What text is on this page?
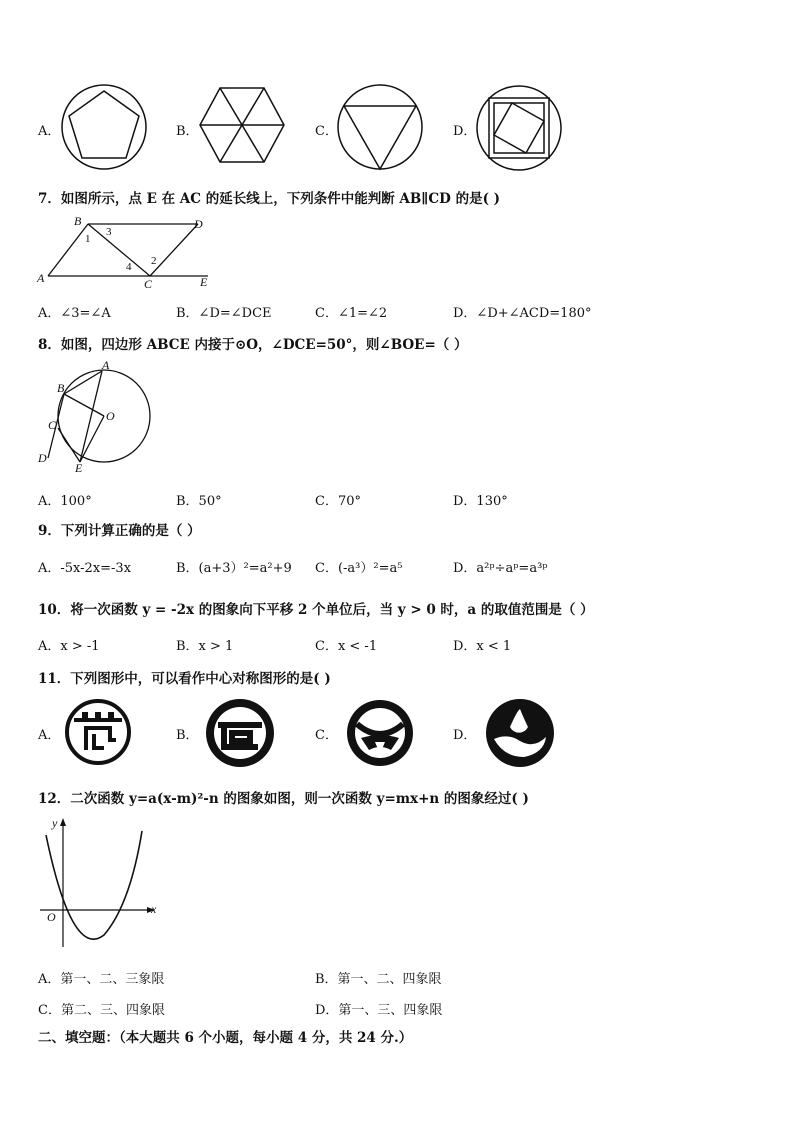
A．	B．	C．	D．
7．如图所示，点 E 在 AC 的延长线上，下列条件中能判断 AB∥CD 的是( )
B	D
A	C	E
1
3
4 2
A．∠3=∠A	B．∠D=∠DCE	C．∠1=∠2	D．∠D+∠ACD=180°
8．如图，四边形 ABCE 内接于⊙O，∠DCE=50°，则∠BOE=（ ）
A
B
C
D
E
O
A．100°	B．50°	C．70°	D．130°
9．下列计算正确的是（ ）
A．-5x-2x=-3x	B．(a+3）²=a²+9 C．(-a³）²=a⁵	D．a²ᵖ÷aᵖ=a³ᵖ
10．将一次函数 y = -2x 的图象向下平移 2 个单位后，当 y > 0 时，a 的取值范围是（ ）
A．x > -1	B．x > 1	C．x < -1	D．x < 1
11．下列图形中，可以看作中心对称图形的是( )
A．	B．	C．	D．
12．二次函数 y=a(x-m)²-n 的图象如图，则一次函数 y=mx+n 的图象经过( )
y
x
O
A．第一、二、三象限	B．第一、二、四象限
C．第二、三、四象限	D．第一、三、四象限
二、填空题：（本大题共 6 个小题，每小题 4 分，共 24 分.）
